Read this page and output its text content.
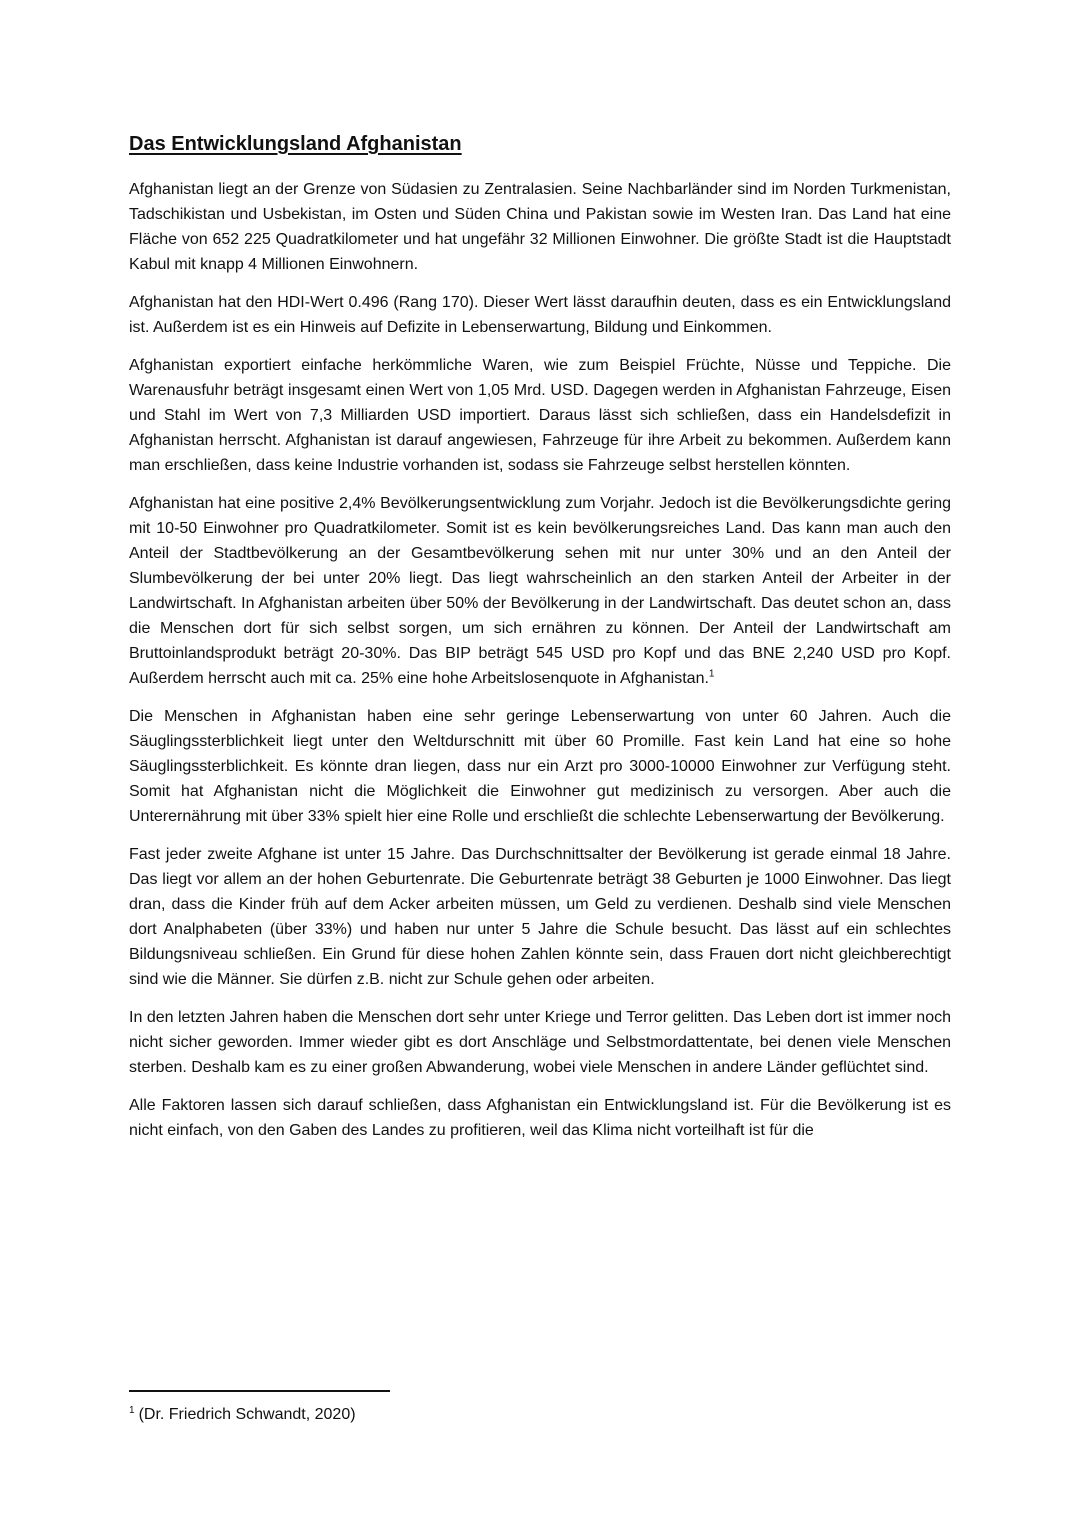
Das Entwicklungsland Afghanistan

Afghanistan liegt an der Grenze von Südasien zu Zentralasien. Seine Nachbarländer sind im Norden Turkmenistan, Tadschikistan und Usbekistan, im Osten und Süden China und Pakistan sowie im Westen Iran. Das Land hat eine Fläche von 652 225 Quadratkilometer und hat ungefähr 32 Millionen Einwohner. Die größte Stadt ist die Hauptstadt Kabul mit knapp 4 Millionen Einwohnern.

Afghanistan hat den HDI-Wert 0.496 (Rang 170). Dieser Wert lässt daraufhin deuten, dass es ein Entwicklungsland ist. Außerdem ist es ein Hinweis auf Defizite in Lebenserwartung, Bildung und Einkommen.

Afghanistan exportiert einfache herkömmliche Waren, wie zum Beispiel Früchte, Nüsse und Teppiche. Die Warenausfuhr beträgt insgesamt einen Wert von 1,05 Mrd. USD. Dagegen werden in Afghanistan Fahrzeuge, Eisen und Stahl im Wert von 7,3 Milliarden USD importiert. Daraus lässt sich schließen, dass ein Handelsdefizit in Afghanistan herrscht. Afghanistan ist darauf angewiesen, Fahrzeuge für ihre Arbeit zu bekommen. Außerdem kann man erschließen, dass keine Industrie vorhanden ist, sodass sie Fahrzeuge selbst herstellen könnten.

Afghanistan hat eine positive 2,4% Bevölkerungsentwicklung zum Vorjahr. Jedoch ist die Bevölkerungsdichte gering mit 10-50 Einwohner pro Quadratkilometer. Somit ist es kein bevölkerungsreiches Land. Das kann man auch den Anteil der Stadtbevölkerung an der Gesamtbevölkerung sehen mit nur unter 30% und an den Anteil der Slumbevölkerung der bei unter 20% liegt. Das liegt wahrscheinlich an den starken Anteil der Arbeiter in der Landwirtschaft. In Afghanistan arbeiten über 50% der Bevölkerung in der Landwirtschaft. Das deutet schon an, dass die Menschen dort für sich selbst sorgen, um sich ernähren zu können. Der Anteil der Landwirtschaft am Bruttoinlandsprodukt beträgt 20-30%. Das BIP beträgt 545 USD pro Kopf und das BNE 2,240 USD pro Kopf. Außerdem herrscht auch mit ca. 25% eine hohe Arbeitslosenquote in Afghanistan.$^1$

Die Menschen in Afghanistan haben eine sehr geringe Lebenserwartung von unter 60 Jahren. Auch die Säuglingssterblichkeit liegt unter den Weltdurschnitt mit über 60 Promille. Fast kein Land hat eine so hohe Säuglingssterblichkeit. Es könnte dran liegen, dass nur ein Arzt pro 3000-10000 Einwohner zur Verfügung steht. Somit hat Afghanistan nicht die Möglichkeit die Einwohner gut medizinisch zu versorgen. Aber auch die Unterernährung mit über 33% spielt hier eine Rolle und erschließt die schlechte Lebenserwartung der Bevölkerung.

Fast jeder zweite Afghane ist unter 15 Jahre. Das Durchschnittsalter der Bevölkerung ist gerade einmal 18 Jahre. Das liegt vor allem an der hohen Geburtenrate. Die Geburtenrate beträgt 38 Geburten je 1000 Einwohner. Das liegt dran, dass die Kinder früh auf dem Acker arbeiten müssen, um Geld zu verdienen. Deshalb sind viele Menschen dort Analphabeten (über 33%) und haben nur unter 5 Jahre die Schule besucht. Das lässt auf ein schlechtes Bildungsniveau schließen. Ein Grund für diese hohen Zahlen könnte sein, dass Frauen dort nicht gleichberechtigt sind wie die Männer. Sie dürfen z.B. nicht zur Schule gehen oder arbeiten.

In den letzten Jahren haben die Menschen dort sehr unter Kriege und Terror gelitten. Das Leben dort ist immer noch nicht sicher geworden. Immer wieder gibt es dort Anschläge und Selbstmordattentate, bei denen viele Menschen sterben. Deshalb kam es zu einer großen Abwanderung, wobei viele Menschen in andere Länder geflüchtet sind.

Alle Faktoren lassen sich darauf schließen, dass Afghanistan ein Entwicklungsland ist. Für die Bevölkerung ist es nicht einfach, von den Gaben des Landes zu profitieren, weil das Klima nicht vorteilhaft ist für die

$^1$ (Dr. Friedrich Schwandt, 2020)
